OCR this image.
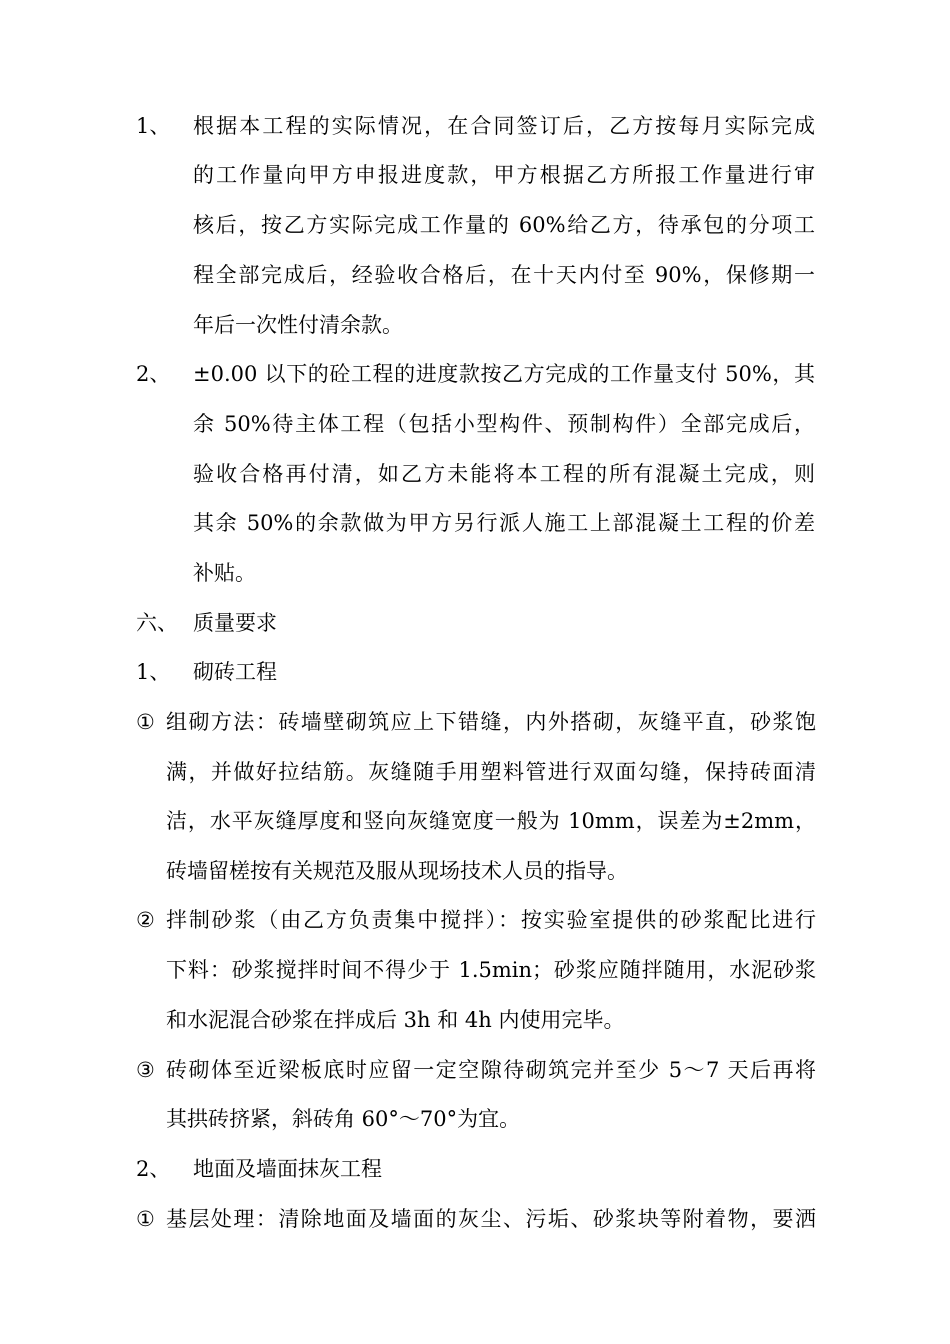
1、 根据本工程的实际情况，在合同签订后，乙方按每月实际完成
的工作量向甲方申报进度款，甲方根据乙方所报工作量进行审
核后，按乙方实际完成工作量的 60%给乙方，待承包的分项工
程全部完成后，经验收合格后，在十天内付至 90%，保修期一
年后一次性付清余款。
2、 ±0.00 以下的砼工程的进度款按乙方完成的工作量支付 50%，其
余 50%待主体工程（包括小型构件、预制构件）全部完成后，
验收合格再付清，如乙方未能将本工程的所有混凝土完成，则
其余 50%的余款做为甲方另行派人施工上部混凝土工程的价差
补贴。
六、 质量要求
1、 砌砖工程
① 组砌方法：砖墙壁砌筑应上下错缝，内外搭砌，灰缝平直，砂浆饱
满，并做好拉结筋。灰缝随手用塑料管进行双面勾缝，保持砖面清
洁，水平灰缝厚度和竖向灰缝宽度一般为 10mm，误差为±2mm，
砖墙留槎按有关规范及服从现场技术人员的指导。
② 拌制砂浆（由乙方负责集中搅拌）：按实验室提供的砂浆配比进行
下料：砂浆搅拌时间不得少于 1.5min；砂浆应随拌随用，水泥砂浆
和水泥混合砂浆在拌成后 3h 和 4h 内使用完毕。
③ 砖砌体至近梁板底时应留一定空隙待砌筑完并至少 5～7 天后再将
其拱砖挤紧，斜砖角 60°～70°为宜。
2、 地面及墙面抹灰工程
① 基层处理：清除地面及墙面的灰尘、污垢、砂浆块等附着物，要洒
